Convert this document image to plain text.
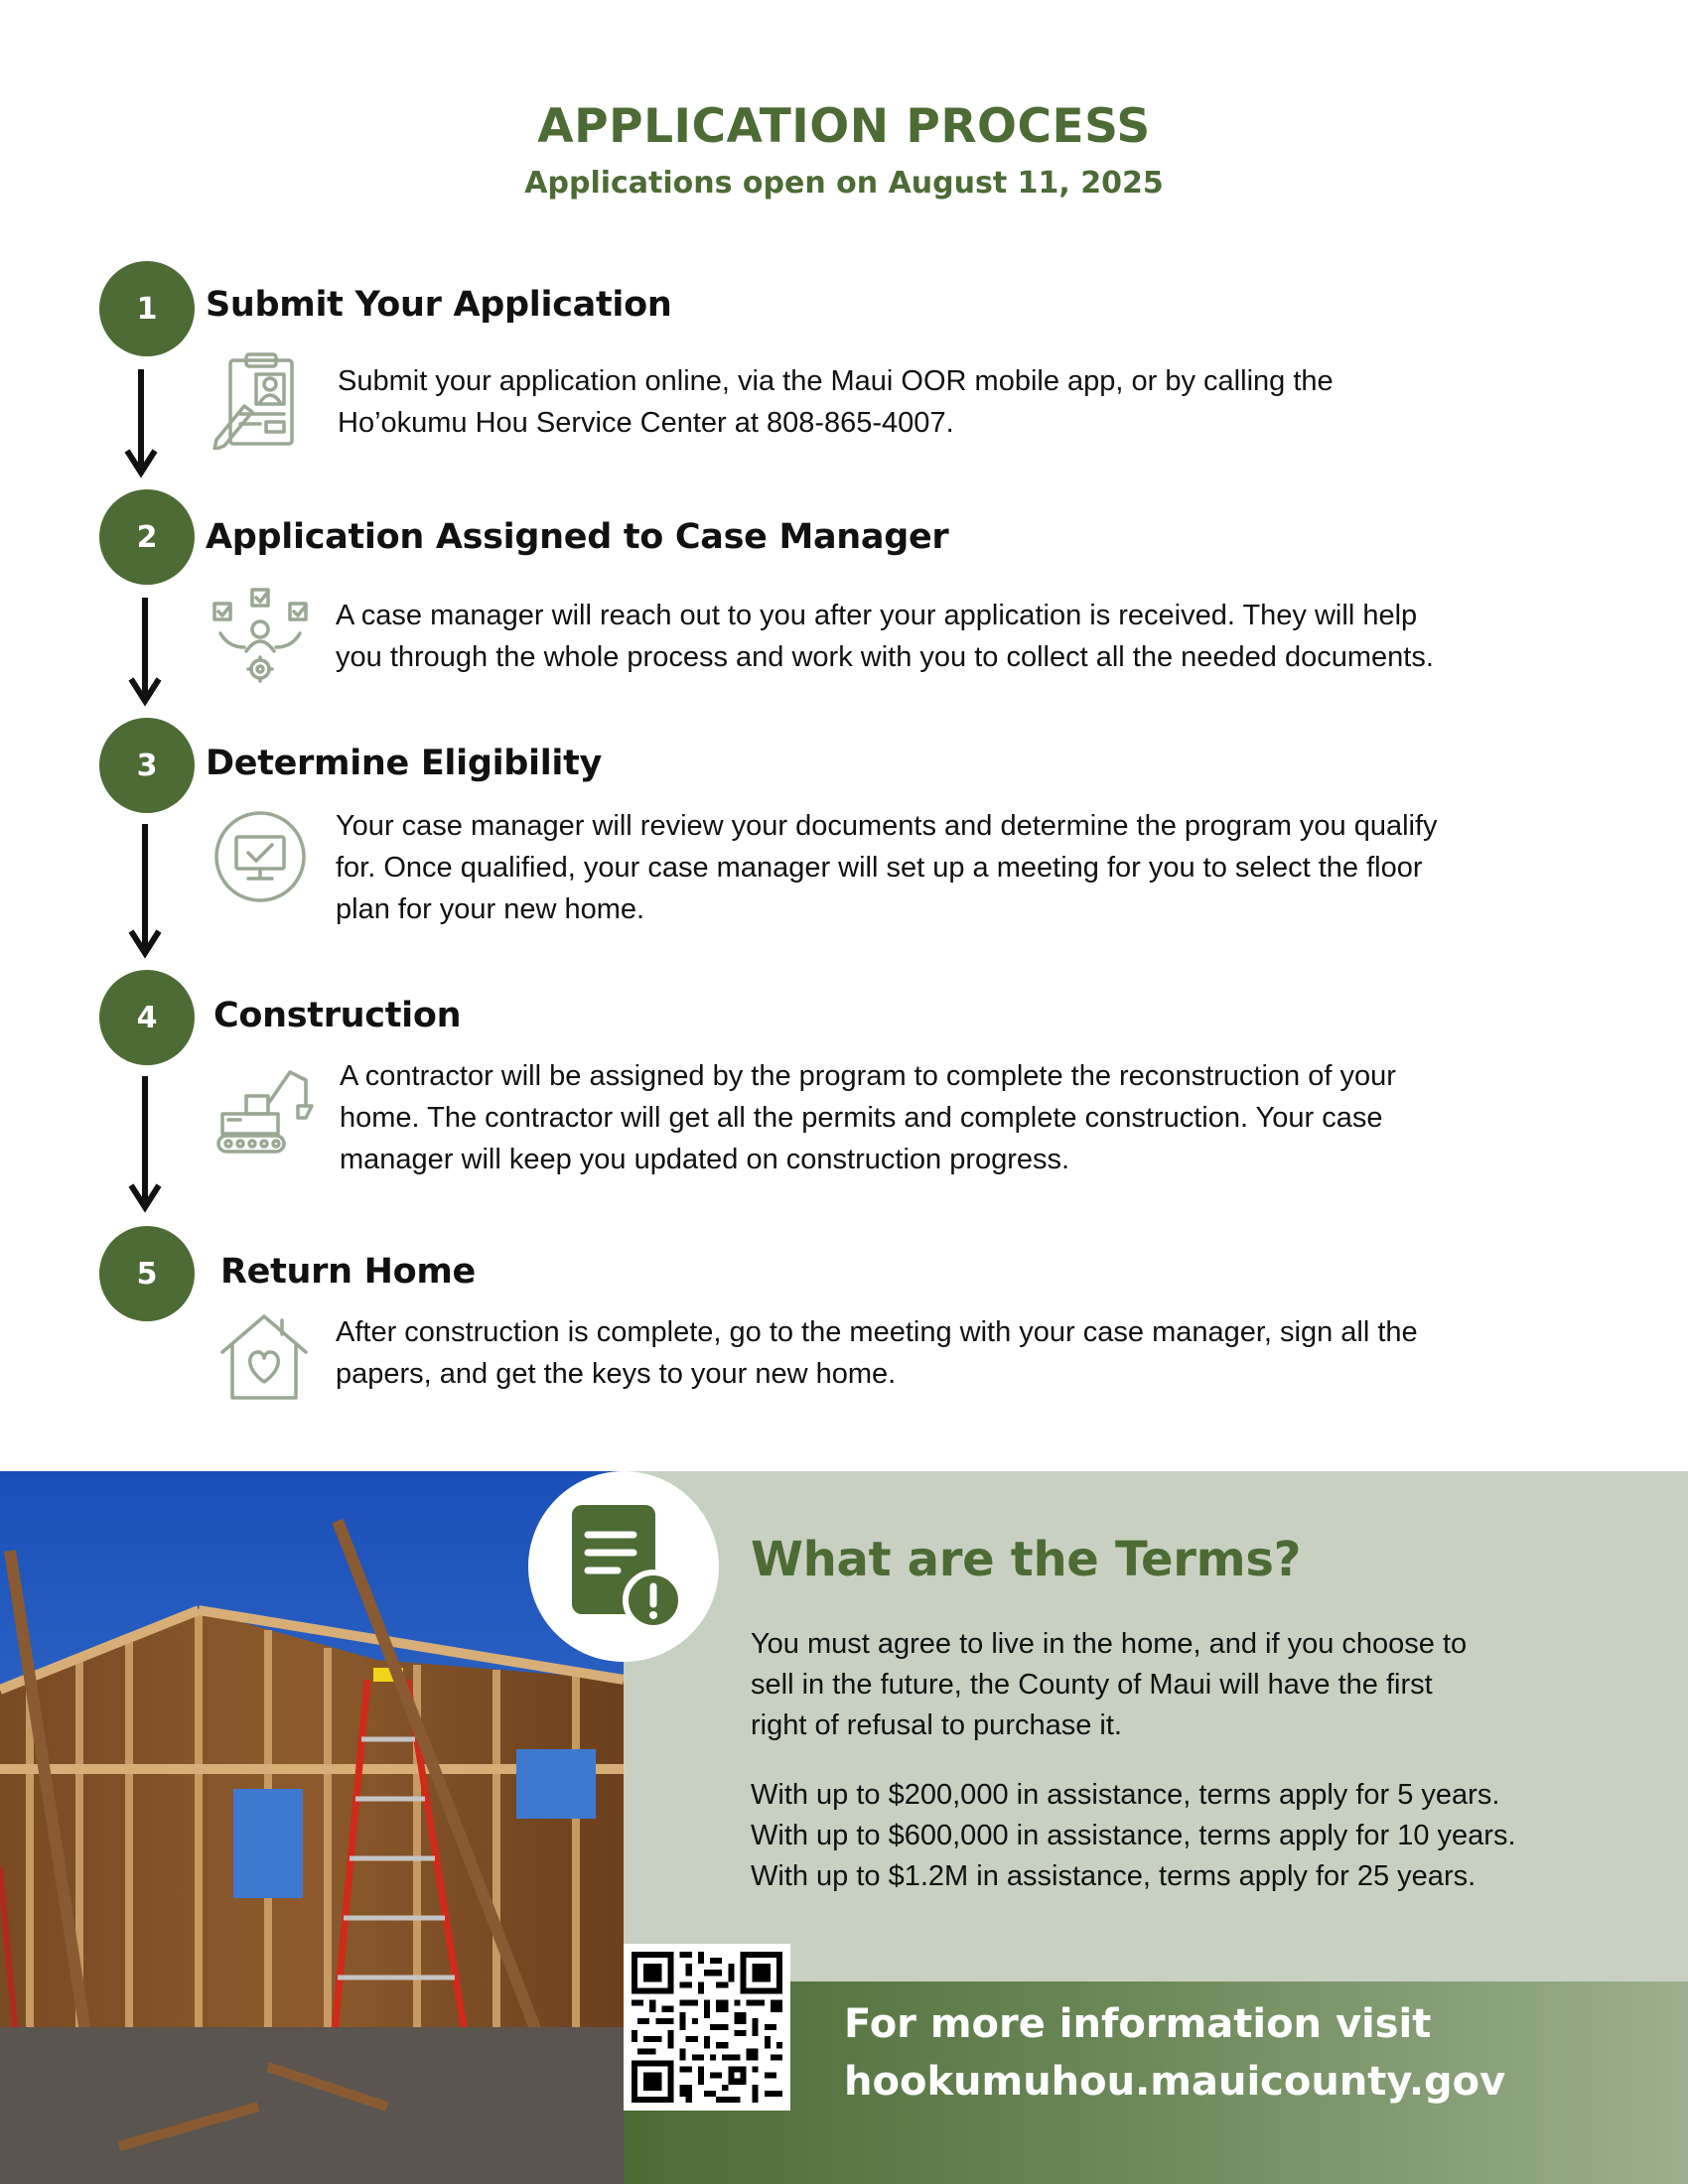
APPLICATION PROCESS
Applications open on August 11, 2025
1 Submit Your Application
Submit your application online, via the Maui OOR mobile app, or by calling the
Ho’okumu Hou Service Center at 808-865-4007.
2 Application Assigned to Case Manager
A case manager will reach out to you after your application is received. They will help
you through the whole process and work with you to collect all the needed documents.
3 Determine Eligibility
Your case manager will review your documents and determine the program you qualify
for. Once qualified, your case manager will set up a meeting for you to select the floor
plan for your new home.
4 Construction
A contractor will be assigned by the program to complete the reconstruction of your
home. The contractor will get all the permits and complete construction. Your case
manager will keep you updated on construction progress.
5 Return Home
After construction is complete, go to the meeting with your case manager, sign all the
papers, and get the keys to your new home.
What are the Terms?
You must agree to live in the home, and if you choose to
sell in the future, the County of Maui will have the first
right of refusal to purchase it.
With up to $200,000 in assistance, terms apply for 5 years.
With up to $600,000 in assistance, terms apply for 10 years.
With up to $1.2M in assistance, terms apply for 25 years.
For more information visit
hookumuhou.mauicounty.gov
